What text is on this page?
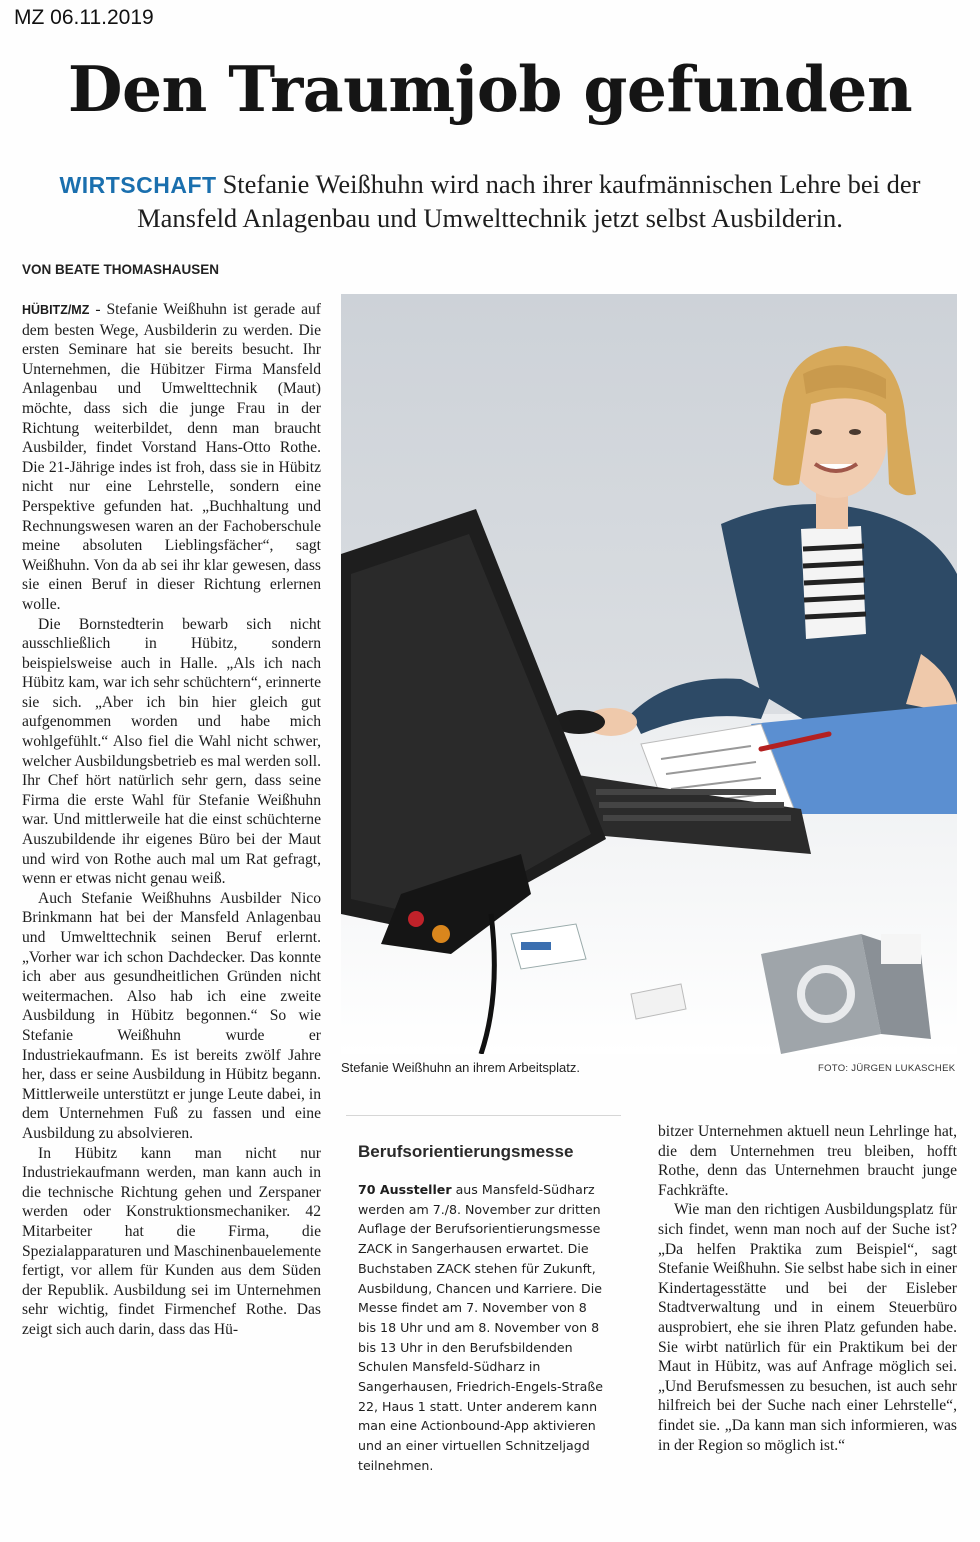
MZ 06.11.2019
Den Traumjob gefunden
WIRTSCHAFT Stefanie Weißhuhn wird nach ihrer kaufmännischen Lehre bei der Mansfeld Anlagenbau und Umwelttechnik jetzt selbst Ausbilderin.
VON BEATE THOMASHAUSEN

HÜBITZ/MZ - Stefanie Weißhuhn ist gerade auf dem besten Wege, Ausbilderin zu werden. Die ersten Seminare hat sie bereits besucht. Ihr Unternehmen, die Hübitzer Firma Mansfeld Anlagenbau und Umwelttechnik (Maut) möchte, dass sich die junge Frau in der Richtung weiterbildet, denn man braucht Ausbilder, findet Vorstand Hans-Otto Rothe. Die 21-Jährige indes ist froh, dass sie in Hübitz nicht nur eine Lehrstelle, sondern eine Perspektive gefunden hat. „Buchhaltung und Rechnungswesen waren an der Fachoberschule meine absoluten Lieblingsfächer“, sagt Weißhuhn. Von da ab sei ihr klar gewesen, dass sie einen Beruf in dieser Richtung erlernen wolle.

Die Bornstedterin bewarb sich nicht ausschließlich in Hübitz, sondern beispielsweise auch in Halle. „Als ich nach Hübitz kam, war ich sehr schüchtern“, erinnerte sie sich. „Aber ich bin hier gleich gut aufgenommen worden und habe mich wohlgefühlt.“ Also fiel die Wahl nicht schwer, welcher Ausbildungsbetrieb es mal werden soll. Ihr Chef hört natürlich sehr gern, dass seine Firma die erste Wahl für Stefanie Weißhuhn war. Und mittlerweile hat die einst schüchterne Auszubildende ihr eigenes Büro bei der Maut und wird von Rothe auch mal um Rat gefragt, wenn er etwas nicht genau weiß.

Auch Stefanie Weißhuhns Ausbilder Nico Brinkmann hat bei der Mansfeld Anlagenbau und Umwelttechnik seinen Beruf erlernt. „Vorher war ich schon Dachdecker. Das konnte ich aber aus gesundheitlichen Gründen nicht weitermachen. Also hab ich eine zweite Ausbildung in Hübitz begonnen.“ So wie Stefanie Weißhuhn wurde er Industriekaufmann. Es ist bereits zwölf Jahre her, dass er seine Ausbildung in Hübitz begann. Mittlerweile unterstützt er junge Leute dabei, in dem Unternehmen Fuß zu fassen und eine Ausbildung zu absolvieren.

In Hübitz kann man nicht nur Industriekaufmann werden, man kann auch in die technische Richtung gehen und Zerspaner werden oder Konstruktionsmechaniker. 42 Mitarbeiter hat die Firma, die Spezialapparaturen und Maschinenbauelemente fertigt, vor allem für Kunden aus dem Süden der Republik. Ausbildung sei im Unternehmen sehr wichtig, findet Firmenchef Rothe. Das zeigt sich auch darin, dass das Hü-

Stefanie Weißhuhn an ihrem Arbeitsplatz.	FOTO: JÜRGEN LUKASCHEK
Berufsorientierungsmesse
70 Aussteller aus Mansfeld-Südharz werden am 7./8. November zur dritten Auflage der Berufsorientierungsmesse ZACK in Sangerhausen erwartet. Die Buchstaben ZACK stehen für Zukunft, Ausbildung, Chancen und Karriere. Die Messe findet am 7. November von 8 bis 18 Uhr und am 8. November von 8 bis 13 Uhr in den Berufsbildenden Schulen Mansfeld-Südharz in Sangerhausen, Friedrich-Engels-Straße 22, Haus 1 statt. Unter anderem kann man eine Actionbound-App aktivieren und an einer virtuellen Schnitzeljagd teilnehmen.

bitzer Unternehmen aktuell neun Lehrlinge hat, die dem Unternehmen treu bleiben, hofft Rothe, denn das Unternehmen braucht junge Fachkräfte.

Wie man den richtigen Ausbildungsplatz für sich findet, wenn man noch auf der Suche ist? „Da helfen Praktika zum Beispiel“, sagt Stefanie Weißhuhn. Sie selbst habe sich in einer Kindertagesstätte und bei der Eisleber Stadtverwaltung und in einem Steuerbüro ausprobiert, ehe sie ihren Platz gefunden habe. Sie wirbt natürlich für ein Praktikum bei der Maut in Hübitz, was auf Anfrage möglich sei. „Und Berufsmessen zu besuchen, ist auch sehr hilfreich bei der Suche nach einer Lehrstelle“, findet sie. „Da kann man sich informieren, was in der Region so möglich ist.“
